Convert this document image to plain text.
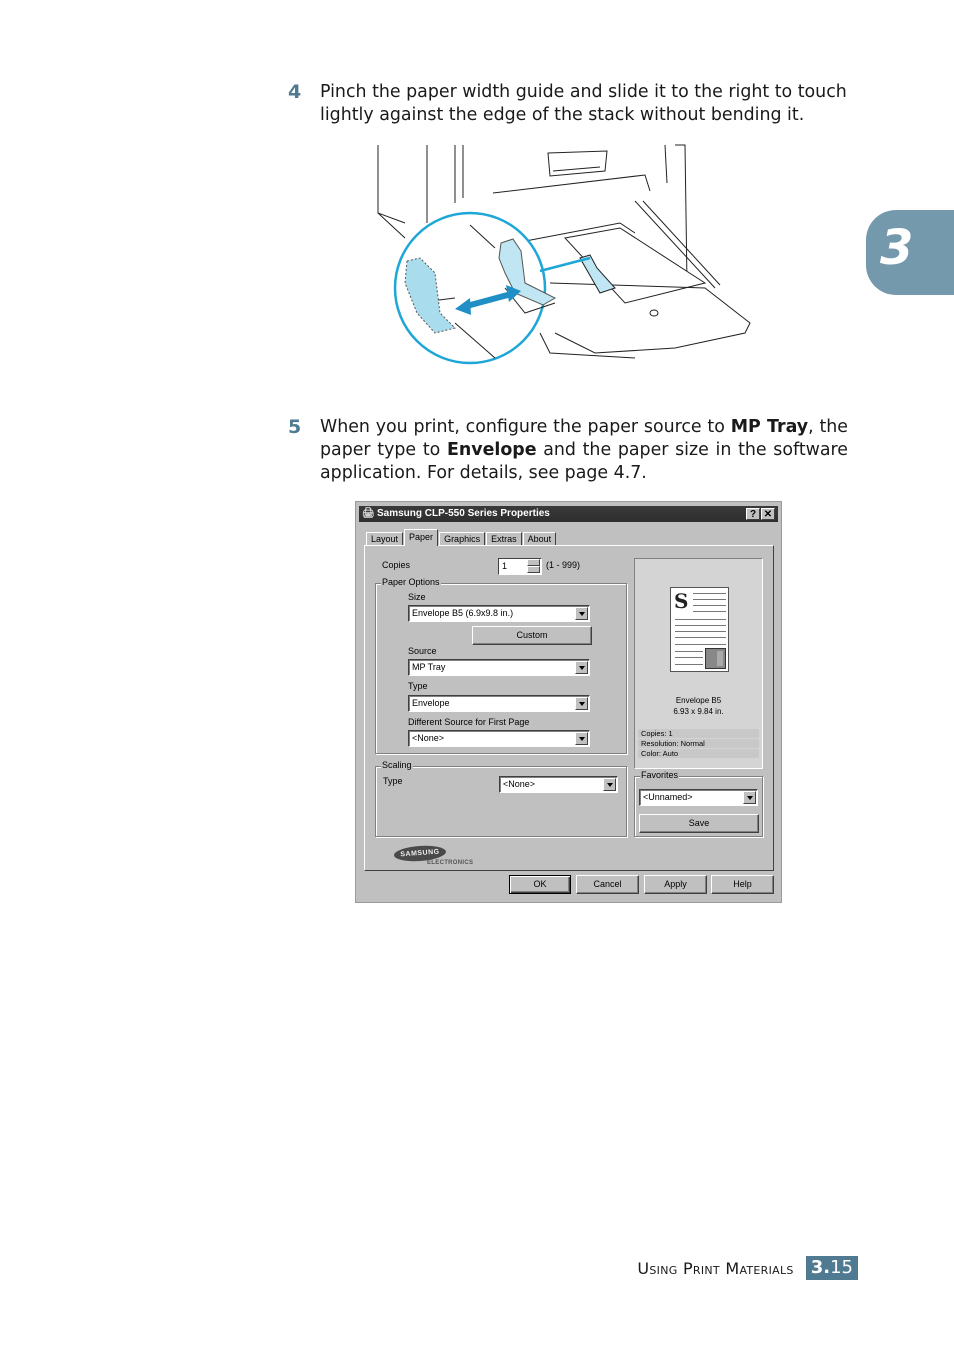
4 Pinch the paper width guide and slide it to the right to touch lightly against the edge of the stack without bending it.
3
5 When you print, configure the paper source to MP Tray, the paper type to Envelope and the paper size in the software application. For details, see page 4.7.
🖨 Samsung CLP-550 Series Properties	? ✕
Layout	Paper	Graphics	Extras	About
Copies	1	(1 - 999)
Paper Options
Size
Envelope B5 (6.9x9.8 in.)
Custom
Source
MP Tray
Type
Envelope
Different Source for First Page
<None>
Scaling
Type	<None>
S
Envelope B5
6.93 x 9.84 in.
Copies: 1
Resolution: Normal
Color: Auto
Favorites
<Unnamed>
Save
SAMSUNG
ELECTRONICS
OK	Cancel	Apply	Help
Using Print Materials 3.15
